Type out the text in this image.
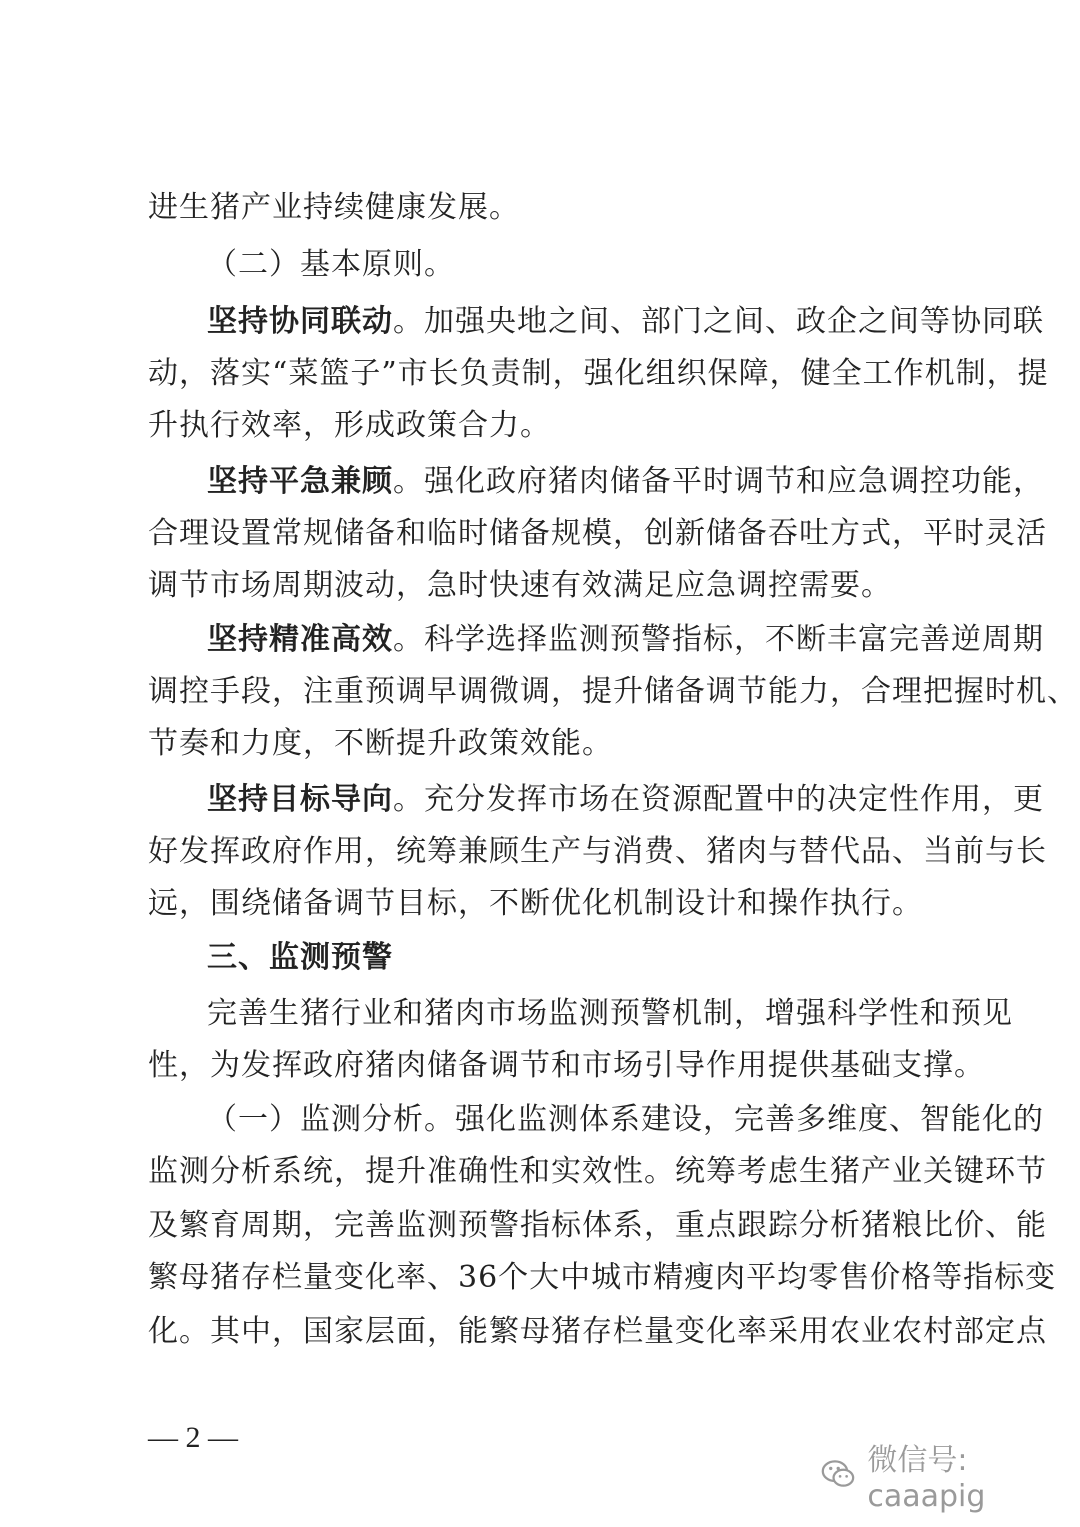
进生猪产业持续健康发展。
（二）基本原则。
坚持协同联动。加强央地之间、部门之间、政企之间等协同联
动，落实“菜篮子”市长负责制，强化组织保障，健全工作机制，提
升执行效率，形成政策合力。
坚持平急兼顾。强化政府猪肉储备平时调节和应急调控功能，
合理设置常规储备和临时储备规模，创新储备吞吐方式，平时灵活
调节市场周期波动，急时快速有效满足应急调控需要。
坚持精准高效。科学选择监测预警指标，不断丰富完善逆周期
调控手段，注重预调早调微调，提升储备调节能力，合理把握时机、
节奏和力度，不断提升政策效能。
坚持目标导向。充分发挥市场在资源配置中的决定性作用，更
好发挥政府作用，统筹兼顾生产与消费、猪肉与替代品、当前与长
远，围绕储备调节目标，不断优化机制设计和操作执行。
三、监测预警
完善生猪行业和猪肉市场监测预警机制，增强科学性和预见
性，为发挥政府猪肉储备调节和市场引导作用提供基础支撑。
（一）监测分析。强化监测体系建设，完善多维度、智能化的
监测分析系统，提升准确性和实效性。统筹考虑生猪产业关键环节
及繁育周期，完善监测预警指标体系，重点跟踪分析猪粮比价、能
繁母猪存栏量变化率、36个大中城市精瘦肉平均零售价格等指标变
化。其中，国家层面，能繁母猪存栏量变化率采用农业农村部定点
— 2 —
微信号: caaapig
